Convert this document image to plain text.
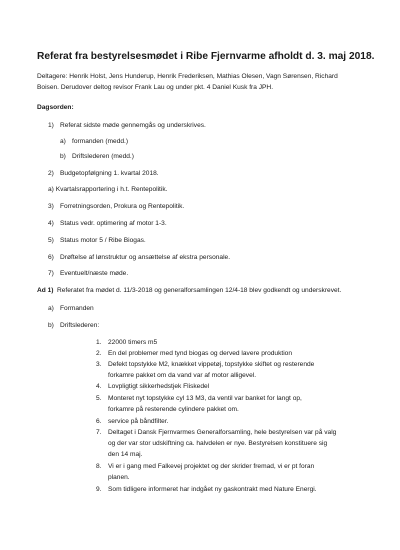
Referat fra bestyrelsesmødet i Ribe Fjernvarme afholdt d. 3. maj 2018.
Deltagere: Henrik Holst, Jens Hunderup, Henrik Frederiksen, Mathias Olesen, Vagn Sørensen, Richard
Boisen. Derudover deltog revisor Frank Lau og under pkt. 4 Daniel Kusk fra JPH.
Dagsorden:
1) Referat sidste møde gennemgås og underskrives.
a) formanden (medd.)
b) Driftslederen (medd.)
2) Budgetopfølgning 1. kvartal 2018.
a) Kvartalsrapportering i h.t. Rentepolitik.
3) Forretningsorden, Prokura og Rentepolitik.
4) Status vedr. optimering af motor 1-3.
5) Status motor 5 / Ribe Biogas.
6) Drøftelse af lønstruktur og ansættelse af ekstra personale.
7) Eventuelt/næste møde.
Ad 1) Referatet fra mødet d. 11/3-2018 og generalforsamlingen 12/4-18 blev godkendt og underskrevet.
a) Formanden
b) Driftslederen:
1. 22000 timers m5
2. En del problemer med tynd biogas og derved lavere produktion
3. Defekt topstykke M2, knækket vippetøj, topstykke skiftet og resterende
forkamre pakket om da vand var af motor alligevel.
4. Lovpligtigt sikkerhedstjek Fliskedel
5. Monteret nyt topstykke cyl 13 M3, da ventil var banket for langt op,
forkamre på resterende cylindere pakket om.
6. service på båndfilter.
7. Deltaget i Dansk Fjernvarmes Generalforsamling, hele bestyrelsen var på valg
og der var stor udskiftning ca. halvdelen er nye. Bestyrelsen konstituere sig
den 14 maj.
8. Vi er i gang med Falkevej projektet og der skrider fremad, vi er pt foran
planen.
9. Som tidligere informeret har indgået ny gaskontrakt med Nature Energi.
